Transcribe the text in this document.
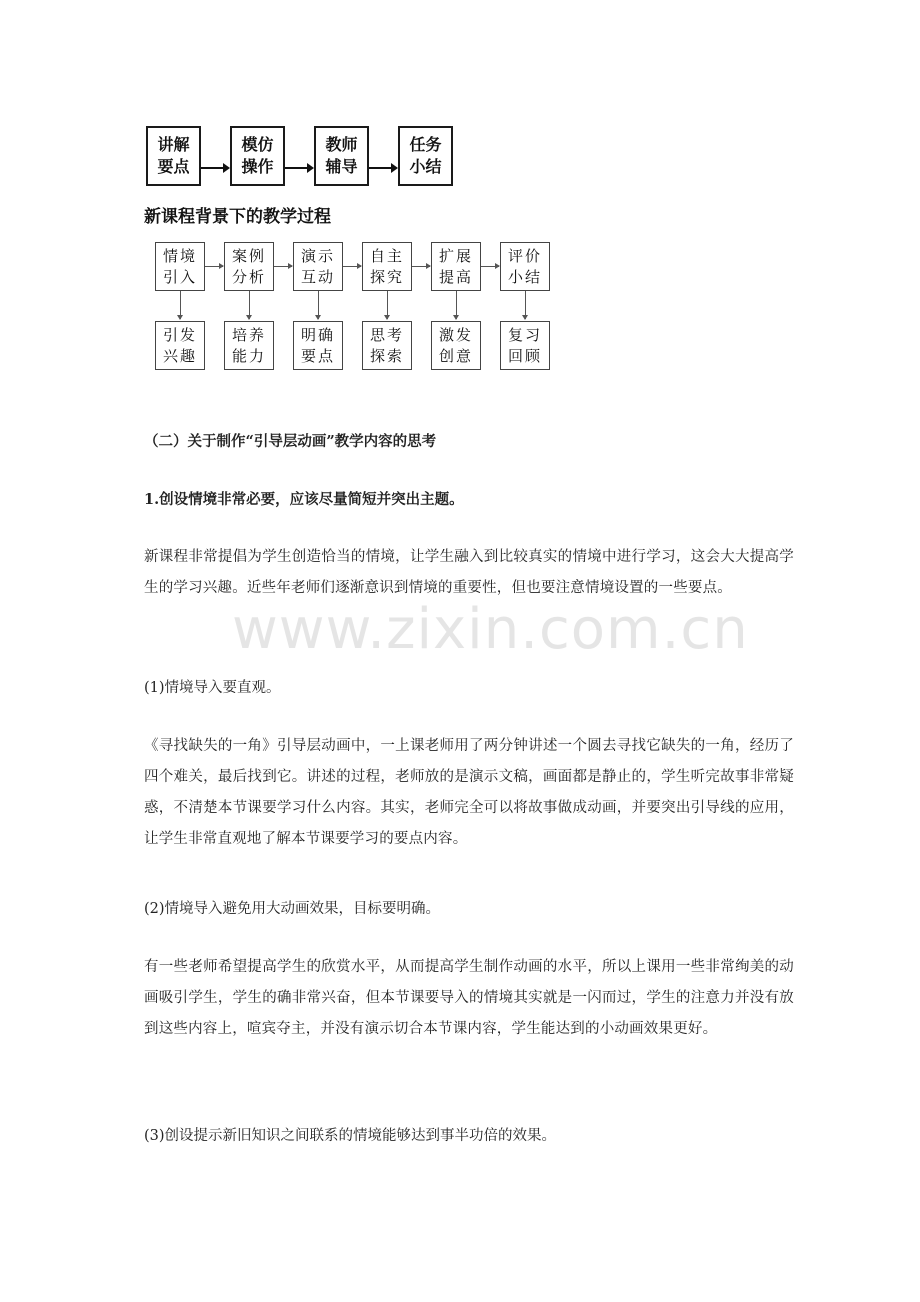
讲解
要点
模仿
操作
教师
辅导
任务
小结
新课程背景下的教学过程
情境
引入
案例
分析
演示
互动
自主
探究
扩展
提高
评价
小结
引发
兴趣
培养
能力
明确
要点
思考
探索
激发
创意
复习
回顾

（二）关于制作“引导层动画”教学内容的思考

1.创设情境非常必要，应该尽量简短并突出主题。

新课程非常提倡为学生创造恰当的情境，让学生融入到比较真实的情境中进行学习，这会大大提高学生的学习兴趣。近些年老师们逐渐意识到情境的重要性，但也要注意情境设置的一些要点。

(1)情境导入要直观。

《寻找缺失的一角》引导层动画中，一上课老师用了两分钟讲述一个圆去寻找它缺失的一角，经历了四个难关，最后找到它。讲述的过程，老师放的是演示文稿，画面都是静止的，学生听完故事非常疑惑，不清楚本节课要学习什么内容。其实，老师完全可以将故事做成动画，并要突出引导线的应用，让学生非常直观地了解本节课要学习的要点内容。

(2)情境导入避免用大动画效果，目标要明确。

有一些老师希望提高学生的欣赏水平，从而提高学生制作动画的水平，所以上课用一些非常绚美的动画吸引学生，学生的确非常兴奋，但本节课要导入的情境其实就是一闪而过，学生的注意力并没有放到这些内容上，喧宾夺主，并没有演示切合本节课内容，学生能达到的小动画效果更好。

(3)创设提示新旧知识之间联系的情境能够达到事半功倍的效果。

www.zixin.com.cn
